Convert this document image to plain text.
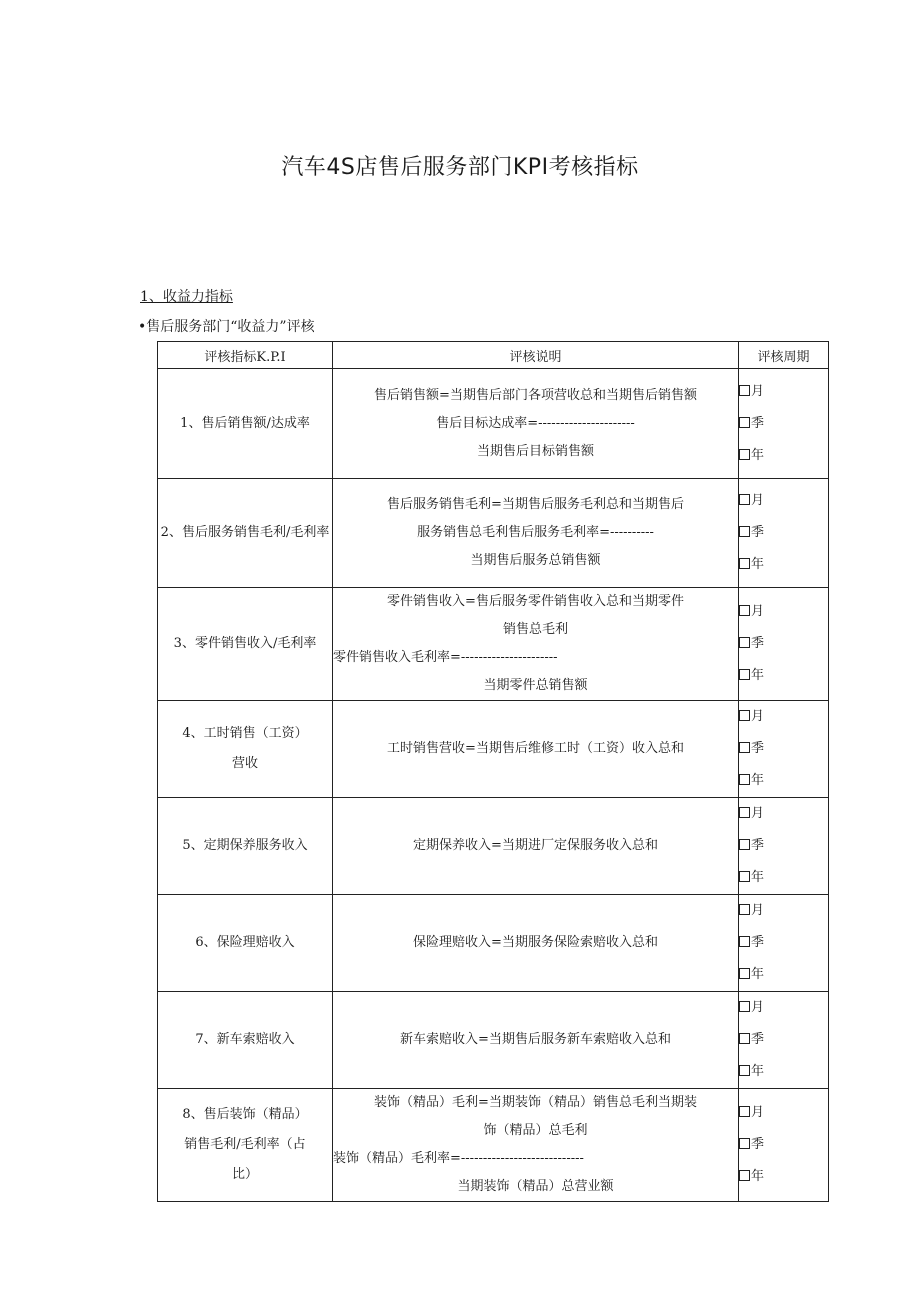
汽车4S店售后服务部门KPI考核指标
1、收益力指标

•售后服务部门“收益力”评核

评核指标K.P.I	评核说明	评核周期
1、售后销售额/达成率	售后销售额=当期售后部门各项营收总和当期售后销售额
售后目标达成率=----------------------
当期售后目标销售额	月
季
年

2、售后服务销售毛利/毛利率	售后服务销售毛利=当期售后服务毛利总和当期售后
服务销售总毛利售后服务毛利率=----------
当期售后服务总销售额	月
季
年

3、零件销售收入/毛利率	零件销售收入=售后服务零件销售收入总和当期零件
销售总毛利
零件销售收入毛利率=----------------------
当期零件总销售额	月
季
年

4、工时销售（工资）营收	工时销售营收=当期售后维修工时（工资）收入总和	月
季
年

5、定期保养服务收入	定期保养收入=当期进厂定保服务收入总和	月
季
年

6、保险理赔收入	保险理赔收入=当期服务保险索赔收入总和	月
季
年

7、新车索赔收入	新车索赔收入=当期售后服务新车索赔收入总和	月
季
年

8、售后装饰（精品）销售毛利/毛利率（占比）	装饰（精品）毛利=当期装饰（精品）销售总毛利当期装
饰（精品）总毛利
装饰（精品）毛利率=----------------------------
当期装饰（精品）总营业额	月
季
年
